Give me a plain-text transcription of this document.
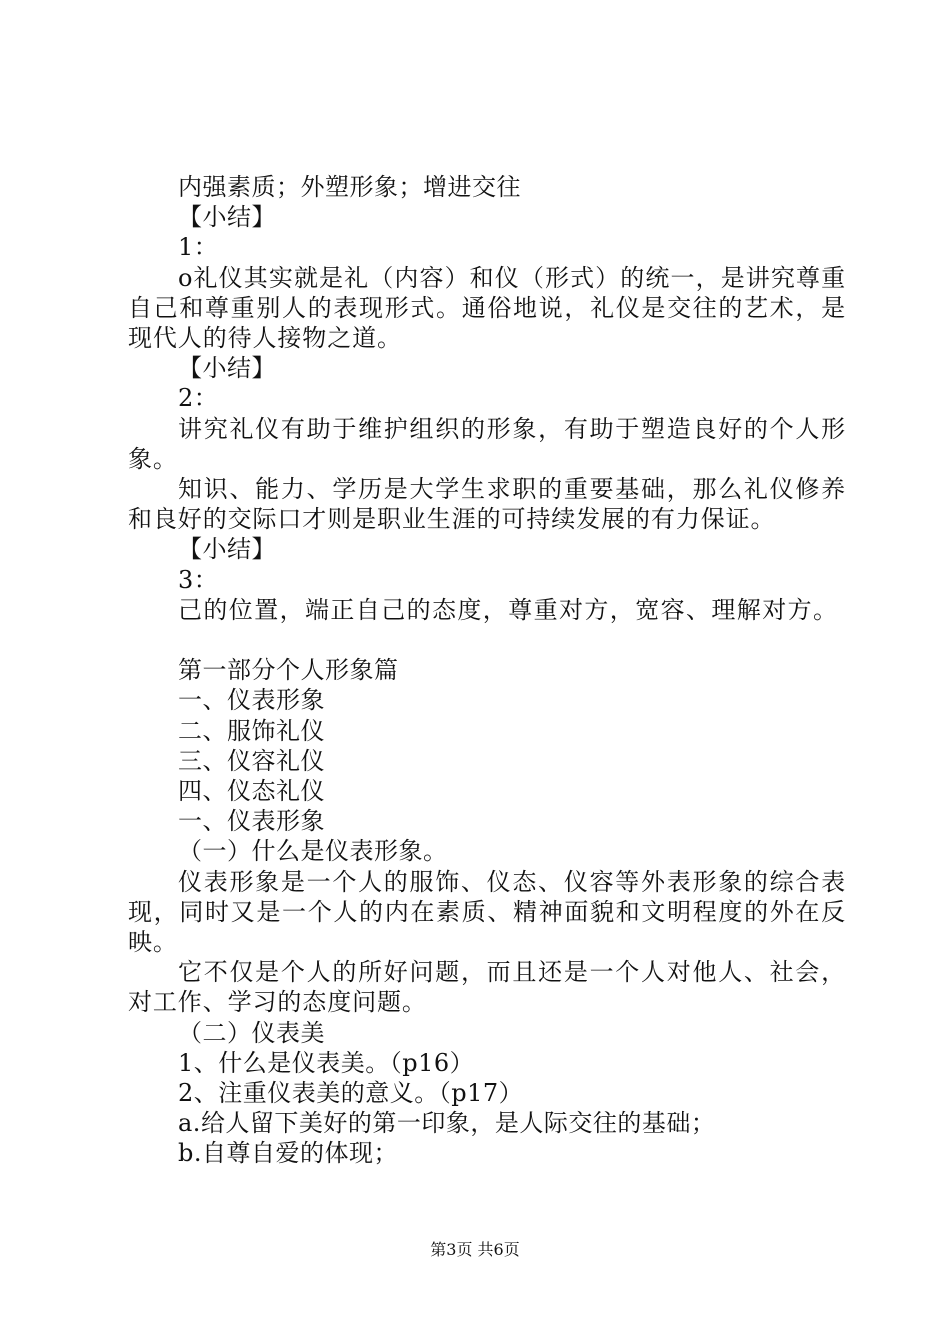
内强素质；外塑形象；增进交往
【小结】
1：
o礼仪其实就是礼（内容）和仪（形式）的统一，是讲究尊重自己和尊重别人的表现形式。通俗地说，礼仪是交往的艺术，是现代人的待人接物之道。
【小结】
2：
讲究礼仪有助于维护组织的形象，有助于塑造良好的个人形象。
知识、能力、学历是大学生求职的重要基础，那么礼仪修养和良好的交际口才则是职业生涯的可持续发展的有力保证。
【小结】
3：
己的位置，端正自己的态度，尊重对方，宽容、理解对方。
第一部分个人形象篇
一、仪表形象
二、服饰礼仪
三、仪容礼仪
四、仪态礼仪
一、仪表形象
（一）什么是仪表形象。
仪表形象是一个人的服饰、仪态、仪容等外表形象的综合表现，同时又是一个人的内在素质、精神面貌和文明程度的外在反映。
它不仅是个人的所好问题，而且还是一个人对他人、社会，对工作、学习的态度问题。
（二）仪表美
1、什么是仪表美。（p16）
2、注重仪表美的意义。（p17）
a.给人留下美好的第一印象，是人际交往的基础；
b.自尊自爱的体现；
第3页 共6页
